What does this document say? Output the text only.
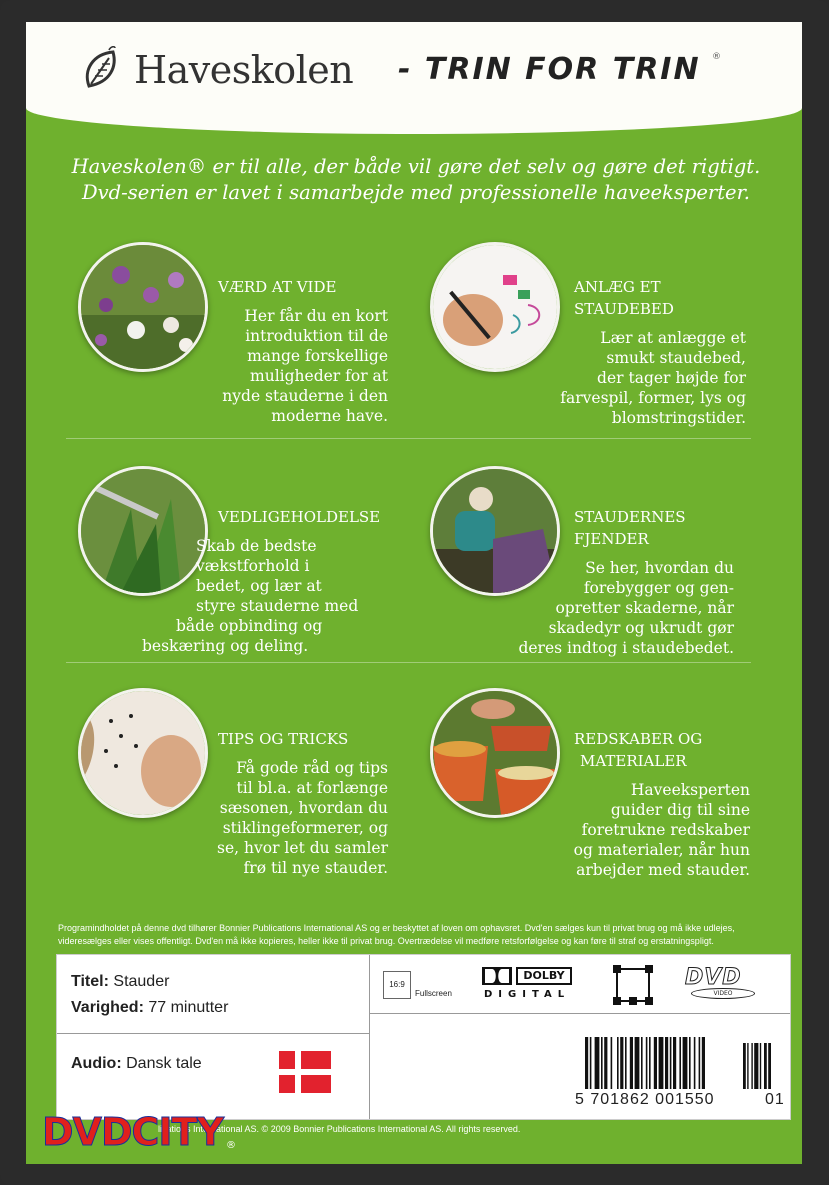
Haveskolen - TRIN FOR TRIN ®
Haveskolen® er til alle, der både vil gøre det selv og gøre det rigtigt.
Dvd-serien er lavet i samarbejde med professionelle haveeksperter.
VÆRD AT VIDE
Her får du en kort
introduktion til de
mange forskellige
muligheder for at
nyde stauderne i den
moderne have.
ANLÆG ET
STAUDEBED
Lær at anlægge et
smukt staudebed,
der tager højde for
farvespil, former, lys og
blomstringstider.
VEDLIGEHOLDELSE
Skab de bedste
vækstforhold i
bedet, og lær at
styre stauderne med
både opbinding og
beskæring og deling.
STAUDERNES
FJENDER
Se her, hvordan du
forebygger og gen-
opretter skaderne, når
skadedyr og ukrudt gør
deres indtog i staudebedet.
TIPS OG TRICKS
Få gode råd og tips
til bl.a. at forlænge
sæsonen, hvordan du
stiklingeformerer, og
se, hvor let du samler
frø til nye stauder.
REDSKABER OG
MATERIALER
Haveeksperten
guider dig til sine
foretrukne redskaber
og materialer, når hun
arbejder med stauder.
Programindholdet på denne dvd tilhører Bonnier Publications International AS og er beskyttet af loven om ophavsret. Dvd'en sælges kun til privat brug og må ikke udlejes,
videresælges eller vises offentligt. Dvd'en må ikke kopieres, heller ikke til privat brug. Overtrædelse vil medføre retsforfølgelse og kan føre til straf og erstatningspligt.
Titel: Stauder
Varighed: 77 minutter
Audio: Dansk tale
16:9
Fullscreen
DOLBY
DIGITAL
DVD
VIDEO
5 701862 001550	01
lications International AS. © 2009 Bonnier Publications International AS. All rights reserved.
DVDCITY ®
